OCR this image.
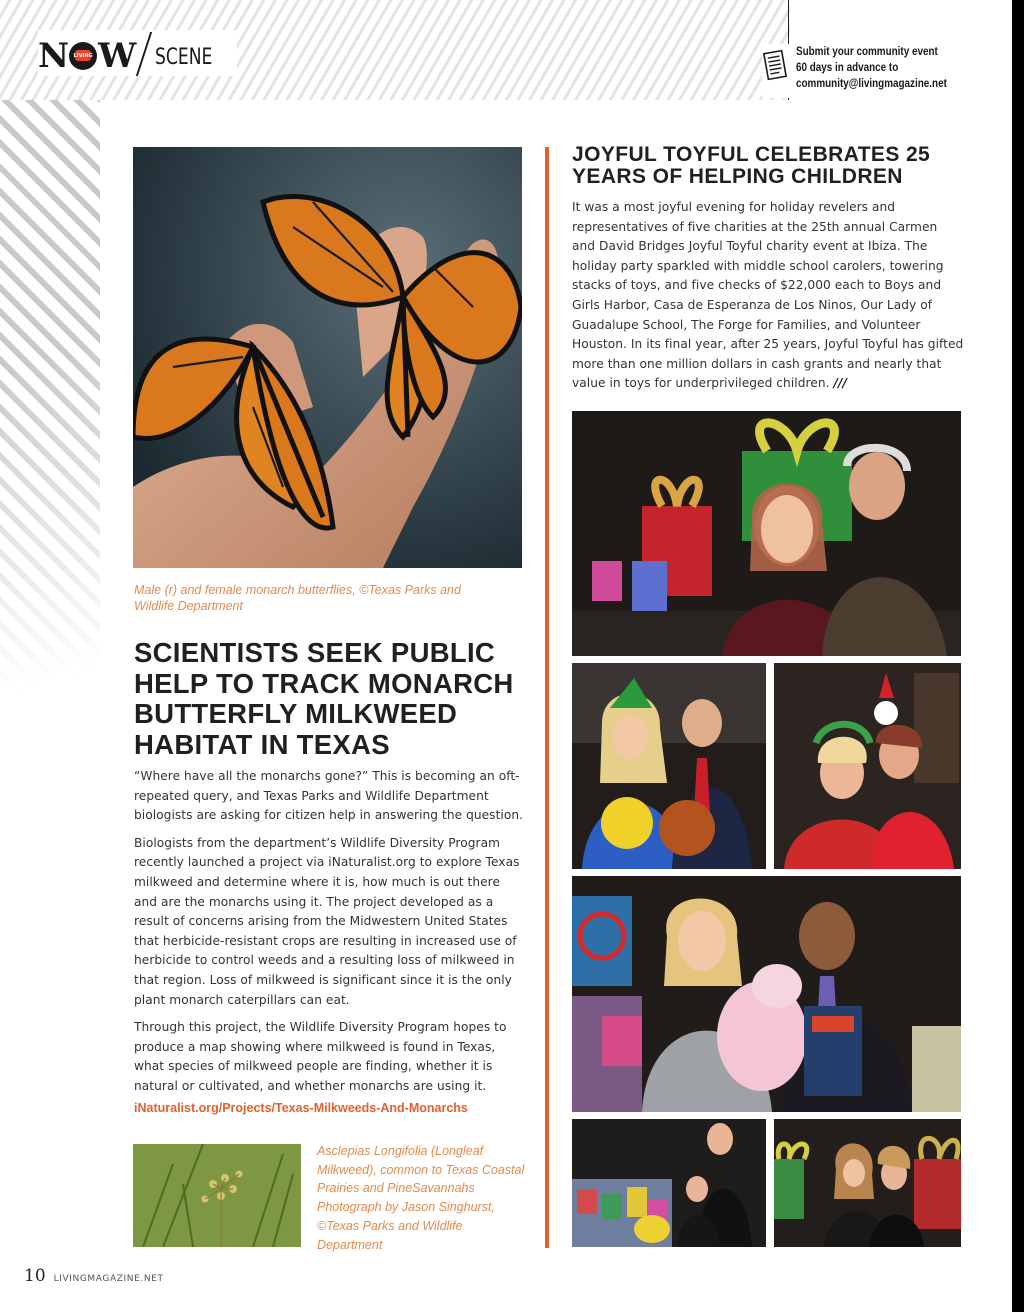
N LIVING W SCENE	Submit your community event
60 days in advance to
community@livingmagazine.net
Male (r) and female monarch butterflies, ©Texas Parks and Wildlife Department
SCIENTISTS SEEK PUBLIC
HELP TO TRACK MONARCH
BUTTERFLY MILKWEED
HABITAT IN TEXAS

“Where have all the monarchs gone?” This is becoming an oft-repeated query, and Texas Parks and Wildlife Department biologists are asking for citizen help in answering the question.

Biologists from the department’s Wildlife Diversity Program recently launched a project via iNaturalist.org to explore Texas milkweed and determine where it is, how much is out there and are the monarchs using it. The project developed as a result of concerns arising from the Midwestern United States that herbicide-resistant crops are resulting in increased use of herbicide to control weeds and a resulting loss of milkweed in that region. Loss of milkweed is significant since it is the only plant monarch caterpillars can eat.

Through this project, the Wildlife Diversity Program hopes to produce a map showing where milkweed is found in Texas, what species of milkweed people are finding, whether it is natural or cultivated, and whether monarchs are using it.

iNaturalist.org/Projects/Texas-Milkweeds-And-Monarchs
Asclepias Longifolia (Longleaf Milkweed), common to Texas Coastal Prairies and PineSavannahs Photograph by Jason Singhurst, ©Texas Parks and Wildlife Department
JOYFUL TOYFUL CELEBRATES 25
YEARS OF HELPING CHILDREN
It was a most joyful evening for holiday revelers and representatives of five charities at the 25th annual Carmen and David Bridges Joyful Toyful charity event at Ibiza. The holiday party sparkled with middle school carolers, towering stacks of toys, and five checks of $22,000 each to Boys and Girls Harbor, Casa de Esperanza de Los Ninos, Our Lady of Guadalupe School, The Forge for Families, and Volunteer Houston. In its final year, after 25 years, Joyful Toyful has gifted more than one million dollars in cash grants and nearly that value in toys for underprivileged children. ///
10 LIVINGMAGAZINE.NET
